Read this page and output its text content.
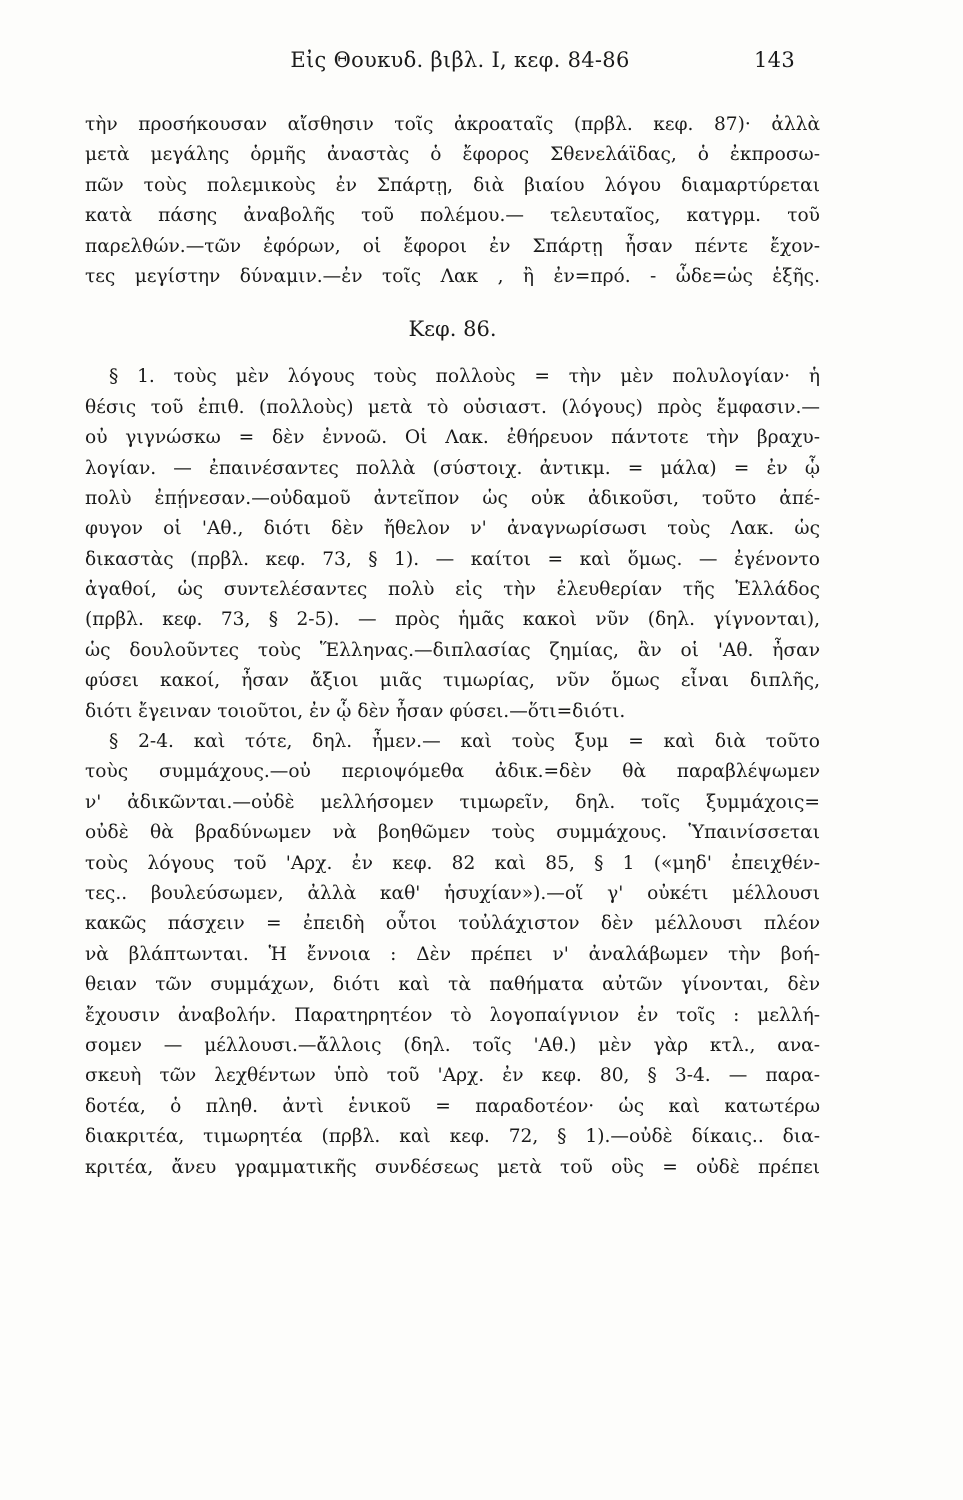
Εἰς Θουκυδ. βιβλ. Ι, κεφ. 84-86	143
τὴν προσήκουσαν αἴσθησιν τοῖς ἀκροαταῖς (πρβλ. κεφ. 87)· ἀλλὰ
μετὰ μεγάλης ὁρμῆς ἀναστὰς ὁ ἔφορος Σθενελάϊδας, ὁ ἐκπροσω-
πῶν τοὺς πολεμικοὺς ἐν Σπάρτῃ, διὰ βιαίου λόγου διαμαρτύρεται
κατὰ πάσης ἀναβολῆς τοῦ πολέμου.— τελευταῖος, κατγρμ. τοῦ
παρελθών.—τῶν ἐφόρων, οἱ ἔφοροι ἐν Σπάρτῃ ἦσαν πέντε ἔχον-
τες μεγίστην δύναμιν.—ἐν τοῖς Λακ , ἢ ἐν=πρό. - ὧδε=ὡς ἑξῆς.
Κεφ. 86.
§ 1. τοὺς μὲν λόγους τοὺς πολλοὺς = τὴν μὲν πολυλογίαν· ἡ
θέσις τοῦ ἐπιθ. (πολλοὺς) μετὰ τὸ οὐσιαστ. (λόγους) πρὸς ἔμφασιν.—
οὐ γιγνώσκω = δὲν ἐννοῶ. Οἱ Λακ. ἐθήρευον πάντοτε τὴν βραχυ-
λογίαν. — ἐπαινέσαντες πολλὰ (σύστοιχ. ἀντικμ. = μάλα) = ἐν ᾧ
πολὺ ἐπῄνεσαν.—οὐδαμοῦ ἀντεῖπον ὡς οὐκ ἀδικοῦσι, τοῦτο ἀπέ-
φυγον οἱ 'Αθ., διότι δὲν ἤθελον ν' ἀναγνωρίσωσι τοὺς Λακ. ὡς
δικαστὰς (πρβλ. κεφ. 73, § 1). — καίτοι = καὶ ὅμως. — ἐγένοντο
ἀγαθοί, ὡς συντελέσαντες πολὺ εἰς τὴν ἐλευθερίαν τῆς Ἑλλάδος
(πρβλ. κεφ. 73, § 2-5). — πρὸς ἡμᾶς κακοὶ νῦν (δηλ. γίγνονται),
ὡς δουλοῦντες τοὺς Ἕλληνας.—διπλασίας ζημίας, ἂν οἱ 'Αθ. ἦσαν
φύσει κακοί, ἦσαν ἄξιοι μιᾶς τιμωρίας, νῦν ὅμως εἶναι διπλῆς,
διότι ἔγειναν τοιοῦτοι, ἐν ᾧ δὲν ἦσαν φύσει.—ὅτι=διότι.
§ 2-4. καὶ τότε, δηλ. ἦμεν.— καὶ τοὺς ξυμ = καὶ διὰ τοῦτο
τοὺς συμμάχους.—οὐ περιοψόμεθα ἀδικ.=δὲν θὰ παραβλέψωμεν
ν' ἀδικῶνται.—οὐδὲ μελλήσομεν τιμωρεῖν, δηλ. τοῖς ξυμμάχοις=
οὐδὲ θὰ βραδύνωμεν νὰ βοηθῶμεν τοὺς συμμάχους. Ὑπαινίσσεται
τοὺς λόγους τοῦ 'Αρχ. ἐν κεφ. 82 καὶ 85, § 1 («μηδ' ἐπειχθέν-
τες.. βουλεύσωμεν, ἀλλὰ καθ' ἡσυχίαν»).—οἵ γ' οὐκέτι μέλλουσι
κακῶς πάσχειν = ἐπειδὴ οὗτοι τοὐλάχιστον δὲν μέλλουσι πλέον
νὰ βλάπτωνται. Ἡ ἔννοια : Δὲν πρέπει ν' ἀναλάβωμεν τὴν βοή-
θειαν τῶν συμμάχων, διότι καὶ τὰ παθήματα αὐτῶν γίνονται, δὲν
ἔχουσιν ἀναβολήν. Παρατηρητέον τὸ λογοπαίγνιον ἐν τοῖς : μελλή-
σομεν — μέλλουσι.—ἄλλοις (δηλ. τοῖς 'Αθ.) μὲν γὰρ κτλ., ανα-
σκευὴ τῶν λεχθέντων ὑπὸ τοῦ 'Αρχ. ἐν κεφ. 80, § 3-4. — παρα-
δοτέα, ὁ πληθ. ἀντὶ ἑνικοῦ = παραδοτέον· ὡς καὶ κατωτέρω
διακριτέα, τιμωρητέα (πρβλ. καὶ κεφ. 72, § 1).—οὐδὲ δίκαις.. δια-
κριτέα, ἄνευ γραμματικῆς συνδέσεως μετὰ τοῦ οὓς = οὐδὲ πρέπει
